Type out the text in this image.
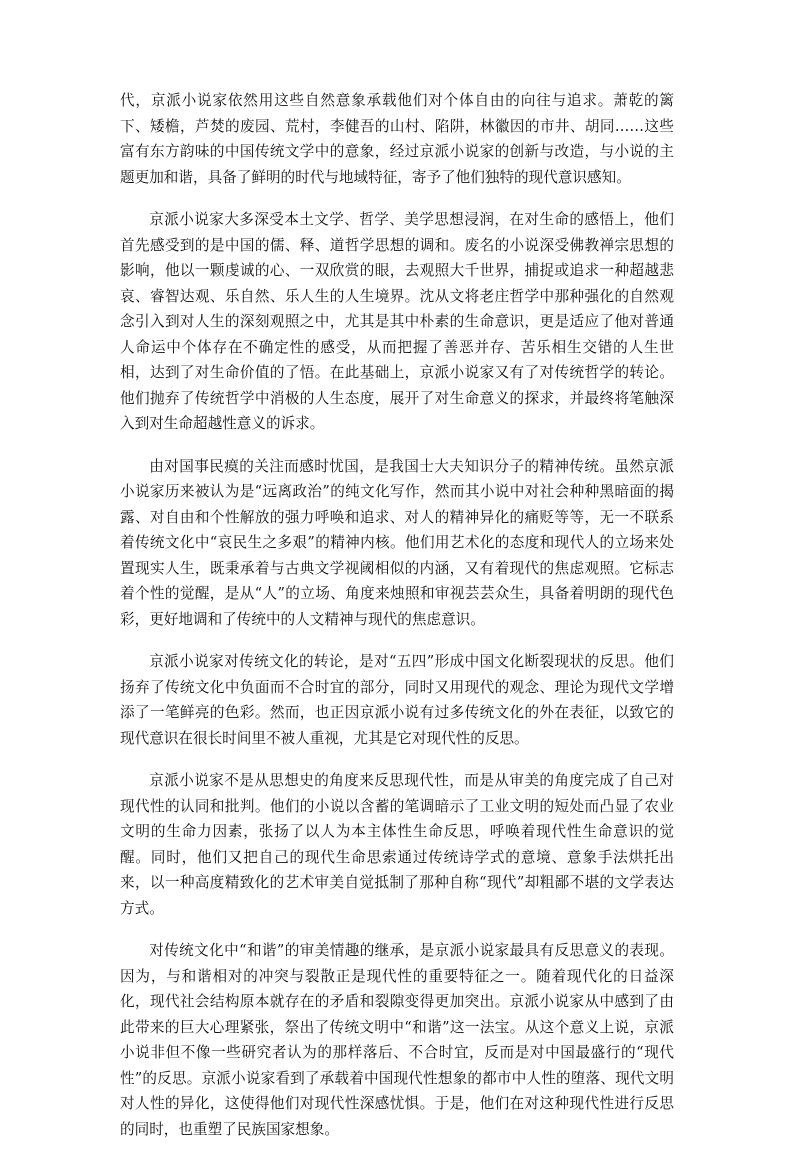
代，京派小说家依然用这些自然意象承载他们对个体自由的向往与追求。萧乾的篱下、矮檐，芦焚的废园、荒村，李健吾的山村、陷阱，林徽因的市井、胡同……这些富有东方韵味的中国传统文学中的意象，经过京派小说家的创新与改造，与小说的主题更加和谐，具备了鲜明的时代与地域特征，寄予了他们独特的现代意识感知。

京派小说家大多深受本土文学、哲学、美学思想浸润，在对生命的感悟上，他们首先感受到的是中国的儒、释、道哲学思想的调和。废名的小说深受佛教禅宗思想的影响，他以一颗虔诚的心、一双欣赏的眼，去观照大千世界，捕捉或追求一种超越悲哀、睿智达观、乐自然、乐人生的人生境界。沈从文将老庄哲学中那种强化的自然观念引入到对人生的深刻观照之中，尤其是其中朴素的生命意识，更是适应了他对普通人命运中个体存在不确定性的感受，从而把握了善恶并存、苦乐相生交错的人生世相，达到了对生命价值的了悟。在此基础上，京派小说家又有了对传统哲学的转论。他们抛弃了传统哲学中消极的人生态度，展开了对生命意义的探求，并最终将笔触深入到对生命超越性意义的诉求。

由对国事民瘼的关注而感时忧国，是我国士大夫知识分子的精神传统。虽然京派小说家历来被认为是“远离政治”的纯文化写作，然而其小说中对社会种种黑暗面的揭露、对自由和个性解放的强力呼唤和追求、对人的精神异化的痛贬等等，无一不联系着传统文化中“哀民生之多艰”的精神内核。他们用艺术化的态度和现代人的立场来处置现实人生，既秉承着与古典文学视阈相似的内涵，又有着现代的焦虑观照。它标志着个性的觉醒，是从“人”的立场、角度来烛照和审视芸芸众生，具备着明朗的现代色彩，更好地调和了传统中的人文精神与现代的焦虑意识。

京派小说家对传统文化的转论，是对“五四”形成中国文化断裂现状的反思。他们扬弃了传统文化中负面而不合时宜的部分，同时又用现代的观念、理论为现代文学增添了一笔鲜亮的色彩。然而，也正因京派小说有过多传统文化的外在表征，以致它的现代意识在很长时间里不被人重视，尤其是它对现代性的反思。

京派小说家不是从思想史的角度来反思现代性，而是从审美的角度完成了自己对现代性的认同和批判。他们的小说以含蓄的笔调暗示了工业文明的短处而凸显了农业文明的生命力因素，张扬了以人为本主体性生命反思，呼唤着现代性生命意识的觉醒。同时，他们又把自己的现代生命思索通过传统诗学式的意境、意象手法烘托出来，以一种高度精致化的艺术审美自觉抵制了那种自称“现代”却粗鄙不堪的文学表达方式。

对传统文化中“和谐”的审美情趣的继承，是京派小说家最具有反思意义的表现。因为，与和谐相对的冲突与裂散正是现代性的重要特征之一。随着现代化的日益深化，现代社会结构原本就存在的矛盾和裂隙变得更加突出。京派小说家从中感到了由此带来的巨大心理紧张，祭出了传统文明中“和谐”这一法宝。从这个意义上说，京派小说非但不像一些研究者认为的那样落后、不合时宜，反而是对中国最盛行的“现代性”的反思。京派小说家看到了承载着中国现代性想象的都市中人性的堕落、现代文明对人性的异化，这使得他们对现代性深感忧惧。于是，他们在对这种现代性进行反思的同时，也重塑了民族国家想象。
